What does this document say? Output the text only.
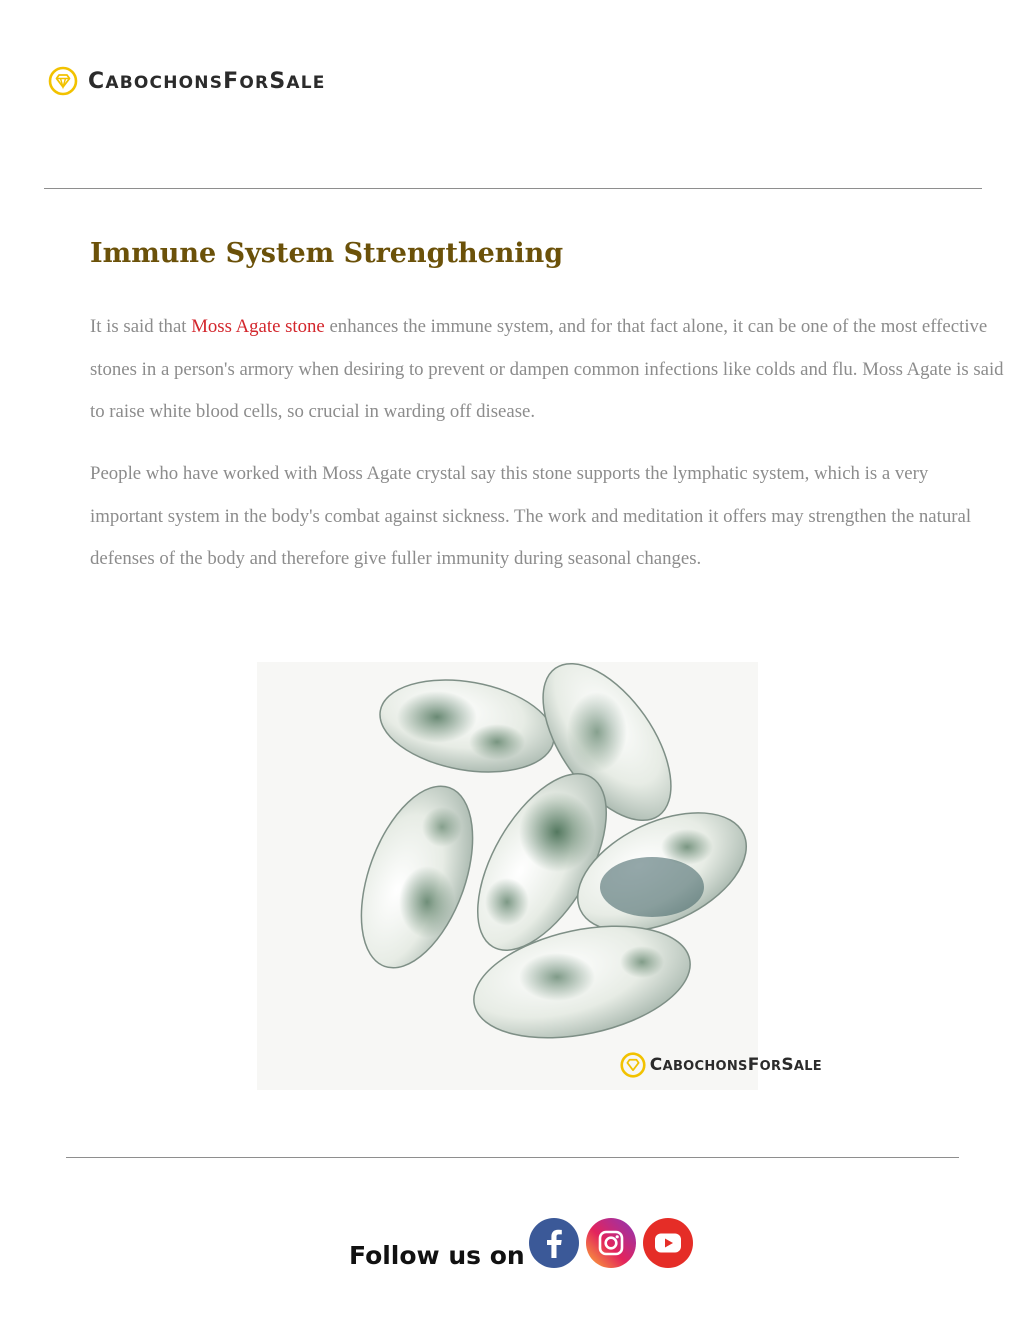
CABOCHONSFORSALE
Immune System Strengthening

It is said that Moss Agate stone enhances the immune system, and for that fact alone, it can be one of the most effective stones in a person's armory when desiring to prevent or dampen common infections like colds and flu. Moss Agate is said to raise white blood cells, so crucial in warding off disease.

People who have worked with Moss Agate crystal say this stone supports the lymphatic system, which is a very important system in the body's combat against sickness. The work and meditation it offers may strengthen the natural defenses of the body and therefore give fuller immunity during seasonal changes.

CABOCHONSFORSALE
Follow us on
